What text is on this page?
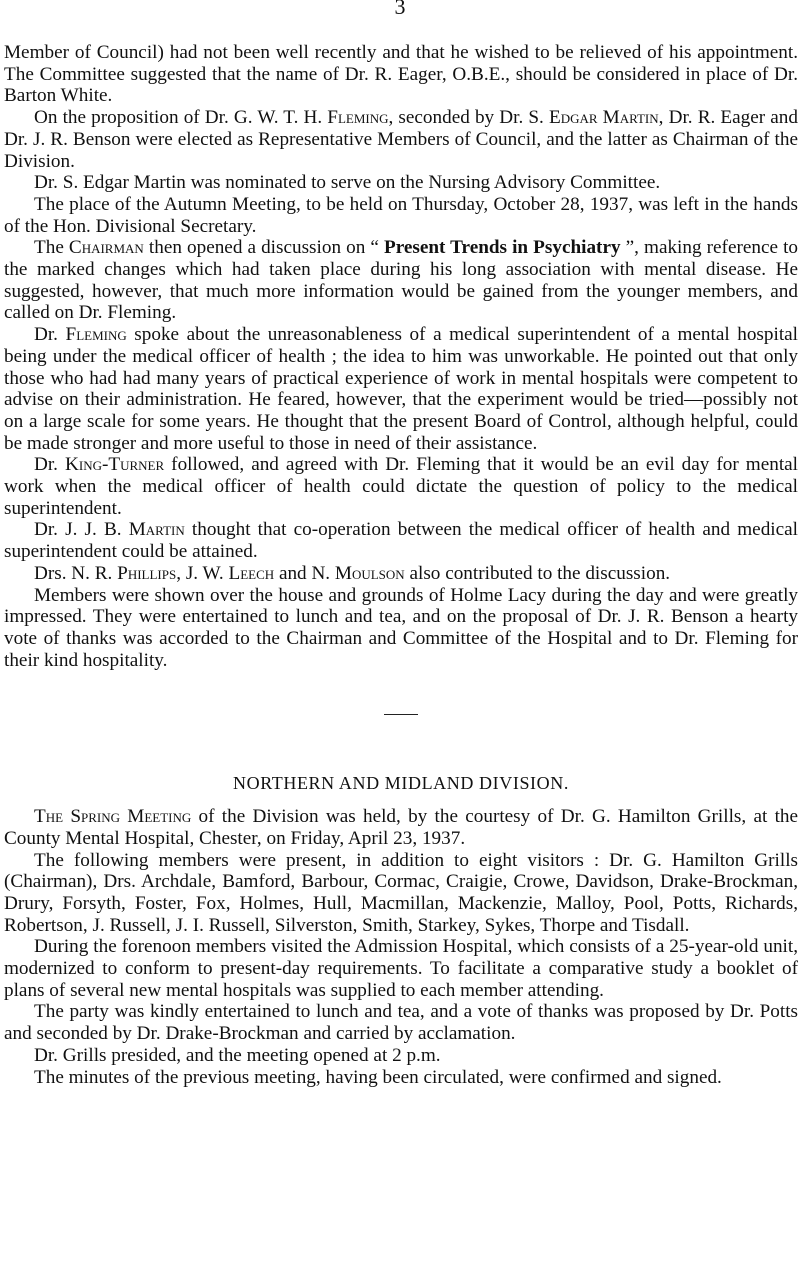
3

Member of Council) had not been well recently and that he wished to be relieved of his appointment. The Committee suggested that the name of Dr. R. Eager, O.B.E., should be considered in place of Dr. Barton White.

On the proposition of Dr. G. W. T. H. Fleming, seconded by Dr. S. Edgar Martin, Dr. R. Eager and Dr. J. R. Benson were elected as Representative Members of Council, and the latter as Chairman of the Division.

Dr. S. Edgar Martin was nominated to serve on the Nursing Advisory Committee.

The place of the Autumn Meeting, to be held on Thursday, October 28, 1937, was left in the hands of the Hon. Divisional Secretary.

The Chairman then opened a discussion on “ Present Trends in Psychiatry ”, making reference to the marked changes which had taken place during his long association with mental disease. He suggested, however, that much more information would be gained from the younger members, and called on Dr. Fleming.

Dr. Fleming spoke about the unreasonableness of a medical superintendent of a mental hospital being under the medical officer of health ; the idea to him was unworkable. He pointed out that only those who had had many years of practical experience of work in mental hospitals were competent to advise on their administration. He feared, however, that the experiment would be tried—possibly not on a large scale for some years. He thought that the present Board of Control, although helpful, could be made stronger and more useful to those in need of their assistance.

Dr. King-Turner followed, and agreed with Dr. Fleming that it would be an evil day for mental work when the medical officer of health could dictate the question of policy to the medical superintendent.

Dr. J. J. B. Martin thought that co-operation between the medical officer of health and medical superintendent could be attained.

Drs. N. R. Phillips, J. W. Leech and N. Moulson also contributed to the discussion.

Members were shown over the house and grounds of Holme Lacy during the day and were greatly impressed. They were entertained to lunch and tea, and on the proposal of Dr. J. R. Benson a hearty vote of thanks was accorded to the Chairman and Committee of the Hospital and to Dr. Fleming for their kind hospitality.

NORTHERN AND MIDLAND DIVISION.

The Spring Meeting of the Division was held, by the courtesy of Dr. G. Hamilton Grills, at the County Mental Hospital, Chester, on Friday, April 23, 1937.

The following members were present, in addition to eight visitors : Dr. G. Hamilton Grills (Chairman), Drs. Archdale, Bamford, Barbour, Cormac, Craigie, Crowe, Davidson, Drake-Brockman, Drury, Forsyth, Foster, Fox, Holmes, Hull, Macmillan, Mackenzie, Malloy, Pool, Potts, Richards, Robertson, J. Russell, J. I. Russell, Silverston, Smith, Starkey, Sykes, Thorpe and Tisdall.

During the forenoon members visited the Admission Hospital, which consists of a 25-year-old unit, modernized to conform to present-day requirements. To facilitate a comparative study a booklet of plans of several new mental hospitals was supplied to each member attending.

The party was kindly entertained to lunch and tea, and a vote of thanks was proposed by Dr. Potts and seconded by Dr. Drake-Brockman and carried by acclamation.

Dr. Grills presided, and the meeting opened at 2 p.m.

The minutes of the previous meeting, having been circulated, were confirmed and signed.
